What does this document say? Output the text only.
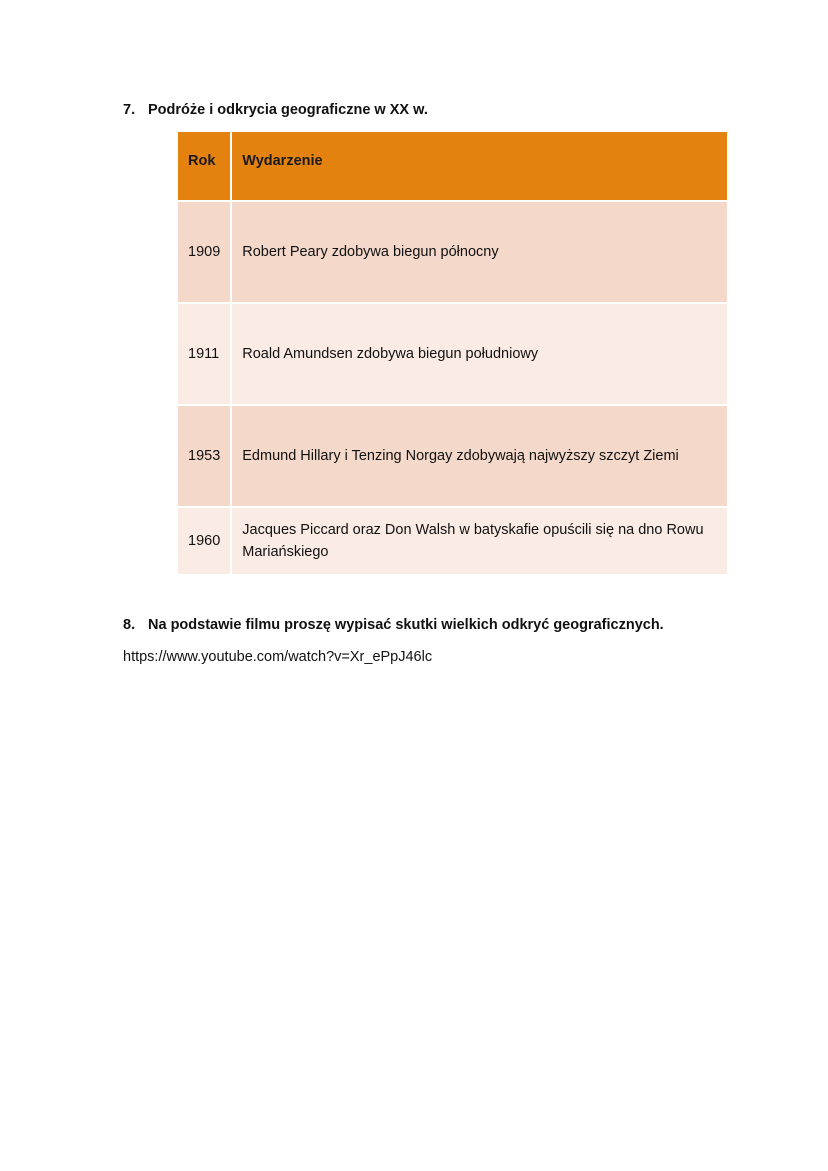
7. Podróże i odkrycia geograficzne w XX w.
Rok	Wydarzenie
1909	Robert Peary zdobywa biegun północny
1911	Roald Amundsen zdobywa biegun południowy
1953	Edmund Hillary i Tenzing Norgay zdobywają najwyższy szczyt Ziemi
1960	Jacques Piccard oraz Don Walsh w batyskafie opuścili się na dno Rowu Mariańskiego
8. Na podstawie filmu proszę wypisać skutki wielkich odkryć geograficznych.
https://www.youtube.com/watch?v=Xr_ePpJ46lc
